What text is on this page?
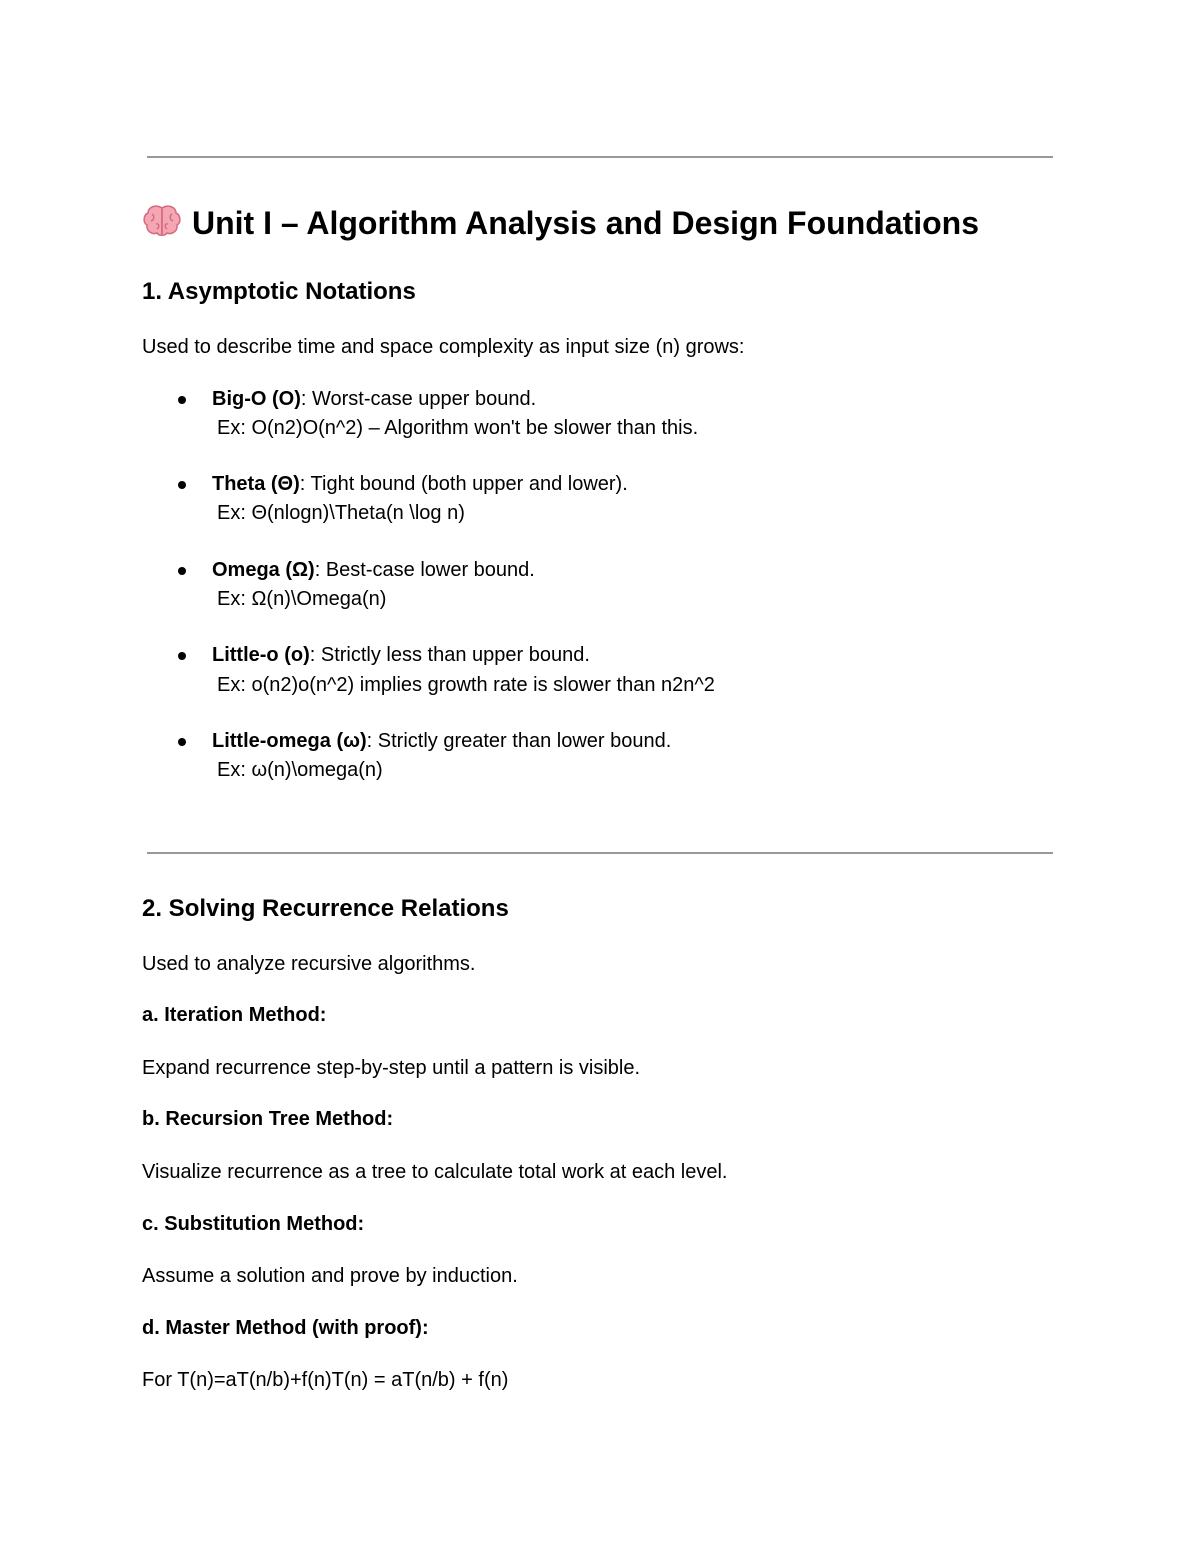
Unit I – Algorithm Analysis and Design Foundations
1. Asymptotic Notations
Used to describe time and space complexity as input size (n) grows:
Big-O (O): Worst-case upper bound.
Ex: O(n2)O(n^2) – Algorithm won't be slower than this.
Theta (Θ): Tight bound (both upper and lower).
Ex: Θ(nlogn)\Theta(n \log n)
Omega (Ω): Best-case lower bound.
Ex: Ω(n)\Omega(n)
Little-o (o): Strictly less than upper bound.
Ex: o(n2)o(n^2) implies growth rate is slower than n2n^2
Little-omega (ω): Strictly greater than lower bound.
Ex: ω(n)\omega(n)
2. Solving Recurrence Relations
Used to analyze recursive algorithms.
a. Iteration Method:
Expand recurrence step-by-step until a pattern is visible.
b. Recursion Tree Method:
Visualize recurrence as a tree to calculate total work at each level.
c. Substitution Method:
Assume a solution and prove by induction.
d. Master Method (with proof):
For T(n)=aT(n/b)+f(n)T(n) = aT(n/b) + f(n)
